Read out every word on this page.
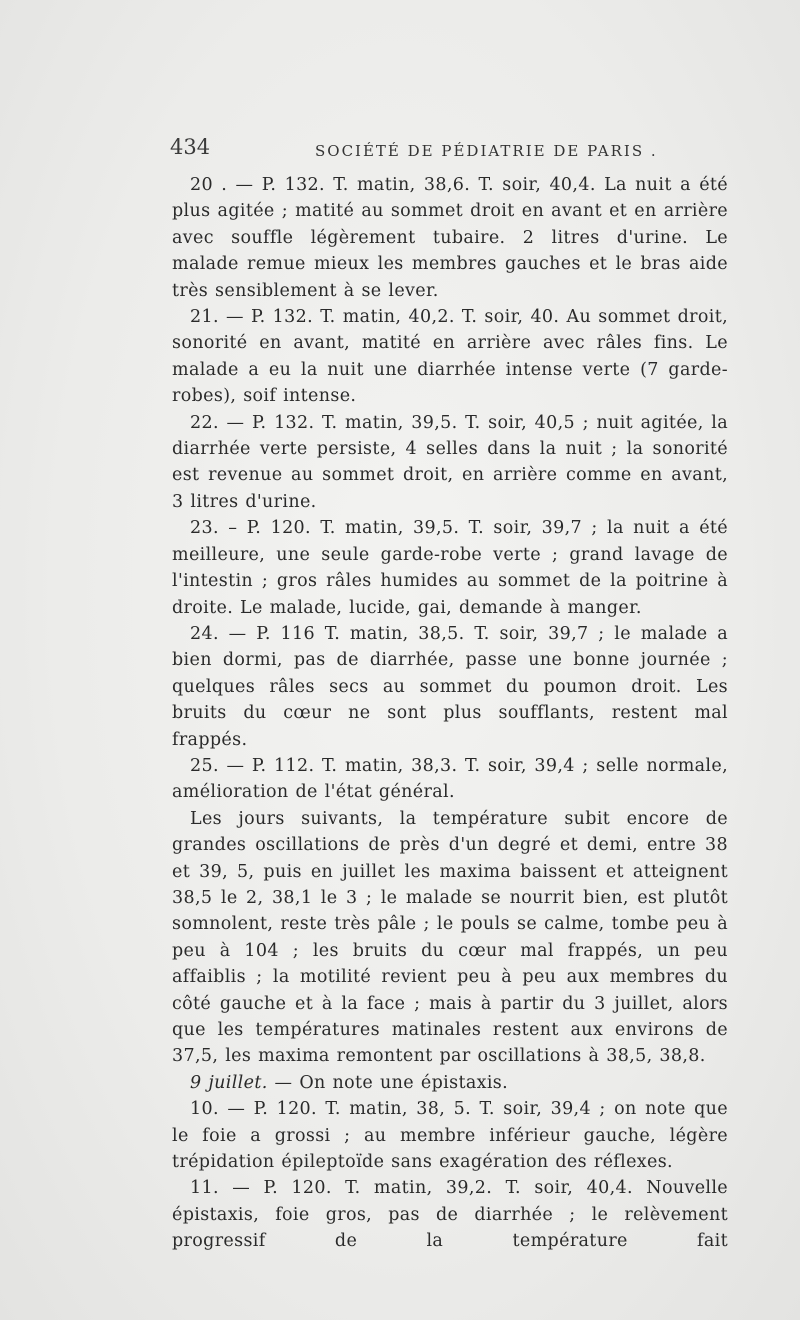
434	SOCIÉTÉ DE PÉDIATRIE DE PARIS .

20 . — P. 132. T. matin, 38,6. T. soir, 40,4. La nuit a été plus agitée ; matité au sommet droit en avant et en arrière avec souffle légèrement tubaire. 2 litres d'urine. Le malade remue mieux les membres gauches et le bras aide très sensiblement à se lever.

21. — P. 132. T. matin, 40,2. T. soir, 40. Au sommet droit, sonorité en avant, matité en arrière avec râles fins. Le malade a eu la nuit une diarrhée intense verte (7 garde-robes), soif intense.

22. — P. 132. T. matin, 39,5. T. soir, 40,5 ; nuit agitée, la diarrhée verte persiste, 4 selles dans la nuit ; la sonorité est revenue au sommet droit, en arrière comme en avant, 3 litres d'urine.

23. – P. 120. T. matin, 39,5. T. soir, 39,7 ; la nuit a été meilleure, une seule garde-robe verte ; grand lavage de l'intestin ; gros râles humides au sommet de la poitrine à droite. Le malade, lucide, gai, demande à manger.

24. — P. 116 T. matin, 38,5. T. soir, 39,7 ; le malade a bien dormi, pas de diarrhée, passe une bonne journée ; quelques râles secs au sommet du poumon droit. Les bruits du cœur ne sont plus soufflants, restent mal frappés.

25. — P. 112. T. matin, 38,3. T. soir, 39,4 ; selle normale, amélioration de l'état général.

Les jours suivants, la température subit encore de grandes oscillations de près d'un degré et demi, entre 38 et 39, 5, puis en juillet les maxima baissent et atteignent 38,5 le 2, 38,1 le 3 ; le malade se nourrit bien, est plutôt somnolent, reste très pâle ; le pouls se calme, tombe peu à peu à 104 ; les bruits du cœur mal frappés, un peu affaiblis ; la motilité revient peu à peu aux membres du côté gauche et à la face ; mais à partir du 3 juillet, alors que les températures matinales restent aux environs de 37,5, les maxima remontent par oscillations à 38,5, 38,8.

9 juillet. — On note une épistaxis.

10. — P. 120. T. matin, 38, 5. T. soir, 39,4 ; on note que le foie a grossi ; au membre inférieur gauche, légère trépidation épileptoïde sans exagération des réflexes.

11. — P. 120. T. matin, 39,2. T. soir, 40,4. Nouvelle épistaxis, foie gros, pas de diarrhée ; le relèvement progressif de la température fait
